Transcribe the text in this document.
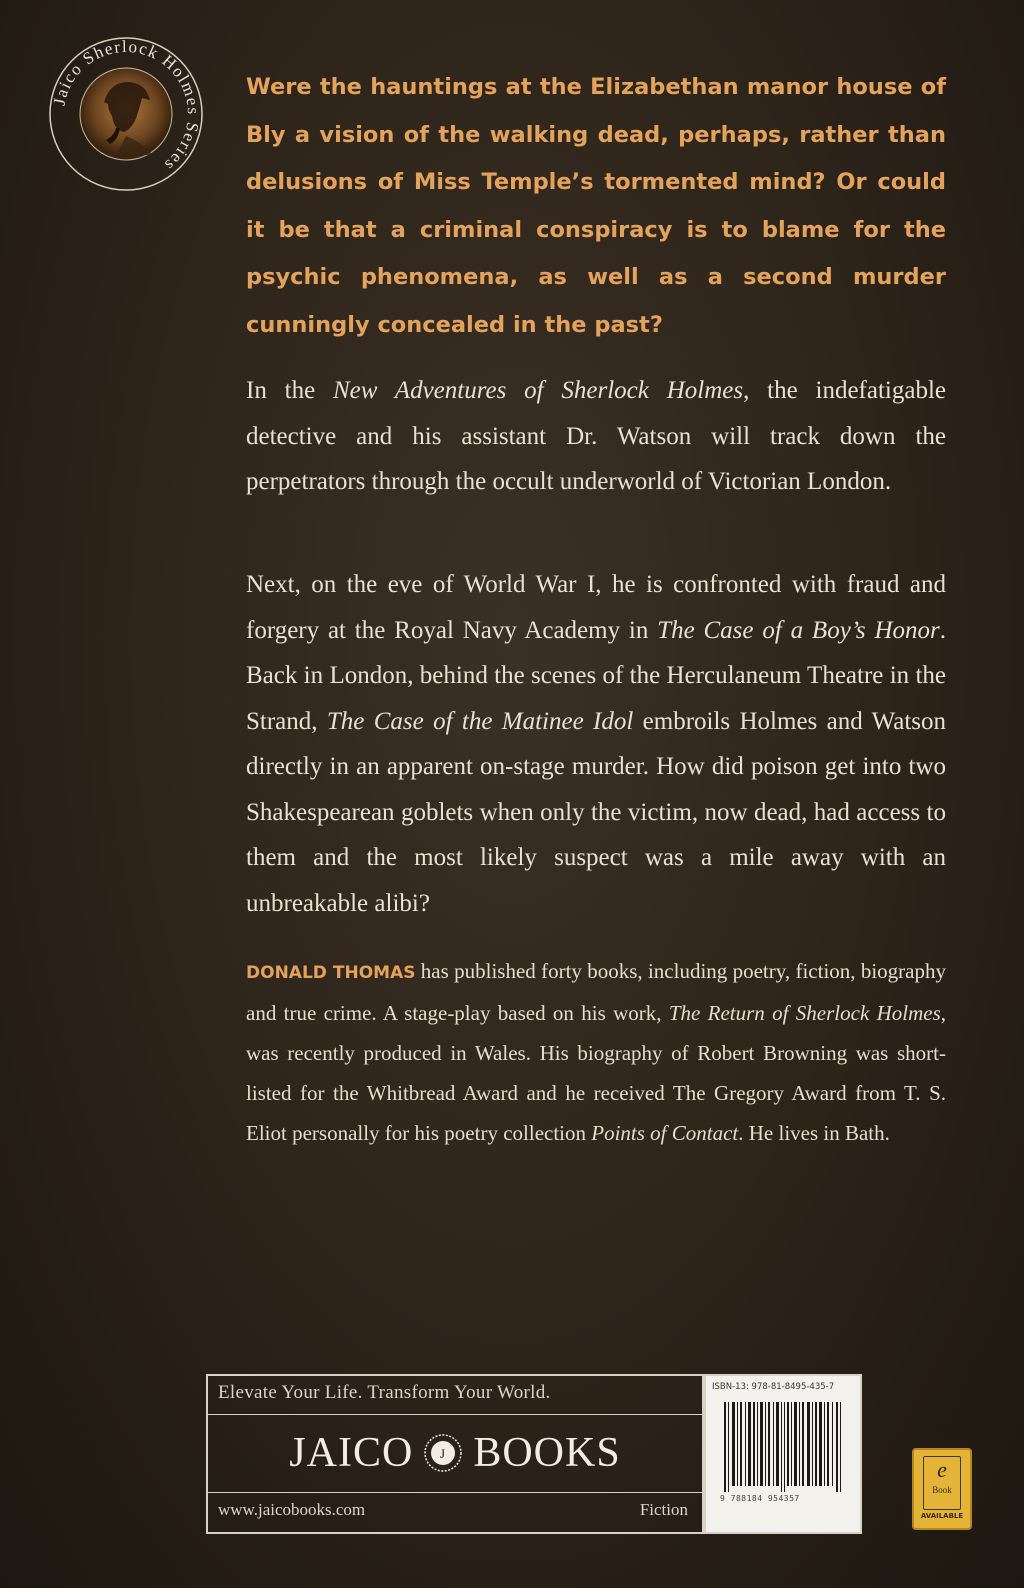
Jaico Sherlock Holmes Series

Were the hauntings at the Elizabethan manor house of Bly a vision of the walking dead, perhaps, rather than delusions of Miss Temple’s tormented mind? Or could it be that a criminal conspiracy is to blame for the psychic phenomena, as well as a second murder cunningly concealed in the past?

In the New Adventures of Sherlock Holmes, the indefatigable detective and his assistant Dr. Watson will track down the perpetrators through the occult underworld of Victorian London.

Next, on the eve of World War I, he is confronted with fraud and forgery at the Royal Navy Academy in The Case of a Boy’s Honor. Back in London, behind the scenes of the Herculaneum Theatre in the Strand, The Case of the Matinee Idol embroils Holmes and Watson directly in an apparent on-stage murder. How did poison get into two Shakespearean goblets when only the victim, now dead, had access to them and the most likely suspect was a mile away with an unbreakable alibi?

DONALD THOMAS has published forty books, including poetry, fiction, biography and true crime. A stage-play based on his work, The Return of Sherlock Holmes, was recently produced in Wales. His biography of Robert Browning was short-listed for the Whitbread Award and he received The Gregory Award from T. S. Eliot personally for his poetry collection Points of Contact. He lives in Bath.

Elevate Your Life. Transform Your World.
JAICO J BOOKS
www.jaicobooks.com	Fiction
ISBN-13: 978-81-8495-435-7
9 788184 954357
e
Book
AVAILABLE
